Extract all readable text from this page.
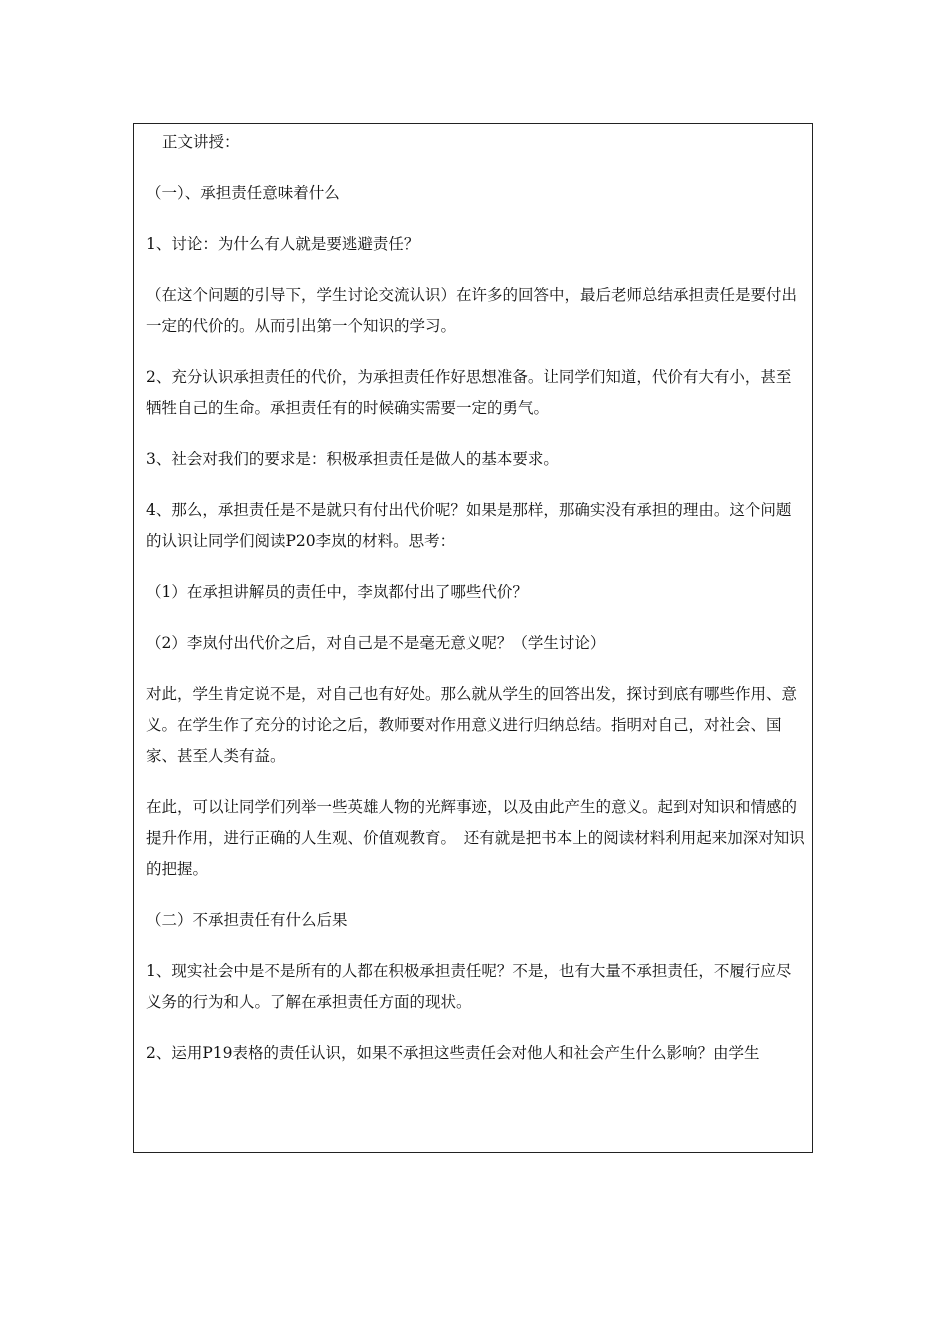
正文讲授：

（一）、承担责任意味着什么

1、讨论：为什么有人就是要逃避责任？

（在这个问题的引导下，学生讨论交流认识）在许多的回答中，最后老师总结承担责任是要付出一定的代价的。从而引出第一个知识的学习。

2、充分认识承担责任的代价，为承担责任作好思想准备。让同学们知道，代价有大有小，甚至牺牲自己的生命。承担责任有的时候确实需要一定的勇气。

3、社会对我们的要求是：积极承担责任是做人的基本要求。

4、那么，承担责任是不是就只有付出代价呢？如果是那样，那确实没有承担的理由。这个问题的认识让同学们阅读P20李岚的材料。思考：

（1）在承担讲解员的责任中，李岚都付出了哪些代价？

（2）李岚付出代价之后，对自己是不是毫无意义呢？（学生讨论）

对此，学生肯定说不是，对自己也有好处。那么就从学生的回答出发，探讨到底有哪些作用、意义。在学生作了充分的讨论之后，教师要对作用意义进行归纳总结。指明对自己，对社会、国家、甚至人类有益。

在此，可以让同学们列举一些英雄人物的光辉事迹，以及由此产生的意义。起到对知识和情感的提升作用，进行正确的人生观、价值观教育。　还有就是把书本上的阅读材料利用起来加深对知识的把握。

（二）不承担责任有什么后果

1、现实社会中是不是所有的人都在积极承担责任呢？不是，也有大量不承担责任，不履行应尽义务的行为和人。了解在承担责任方面的现状。

2、运用P19表格的责任认识，如果不承担这些责任会对他人和社会产生什么影响？由学生
